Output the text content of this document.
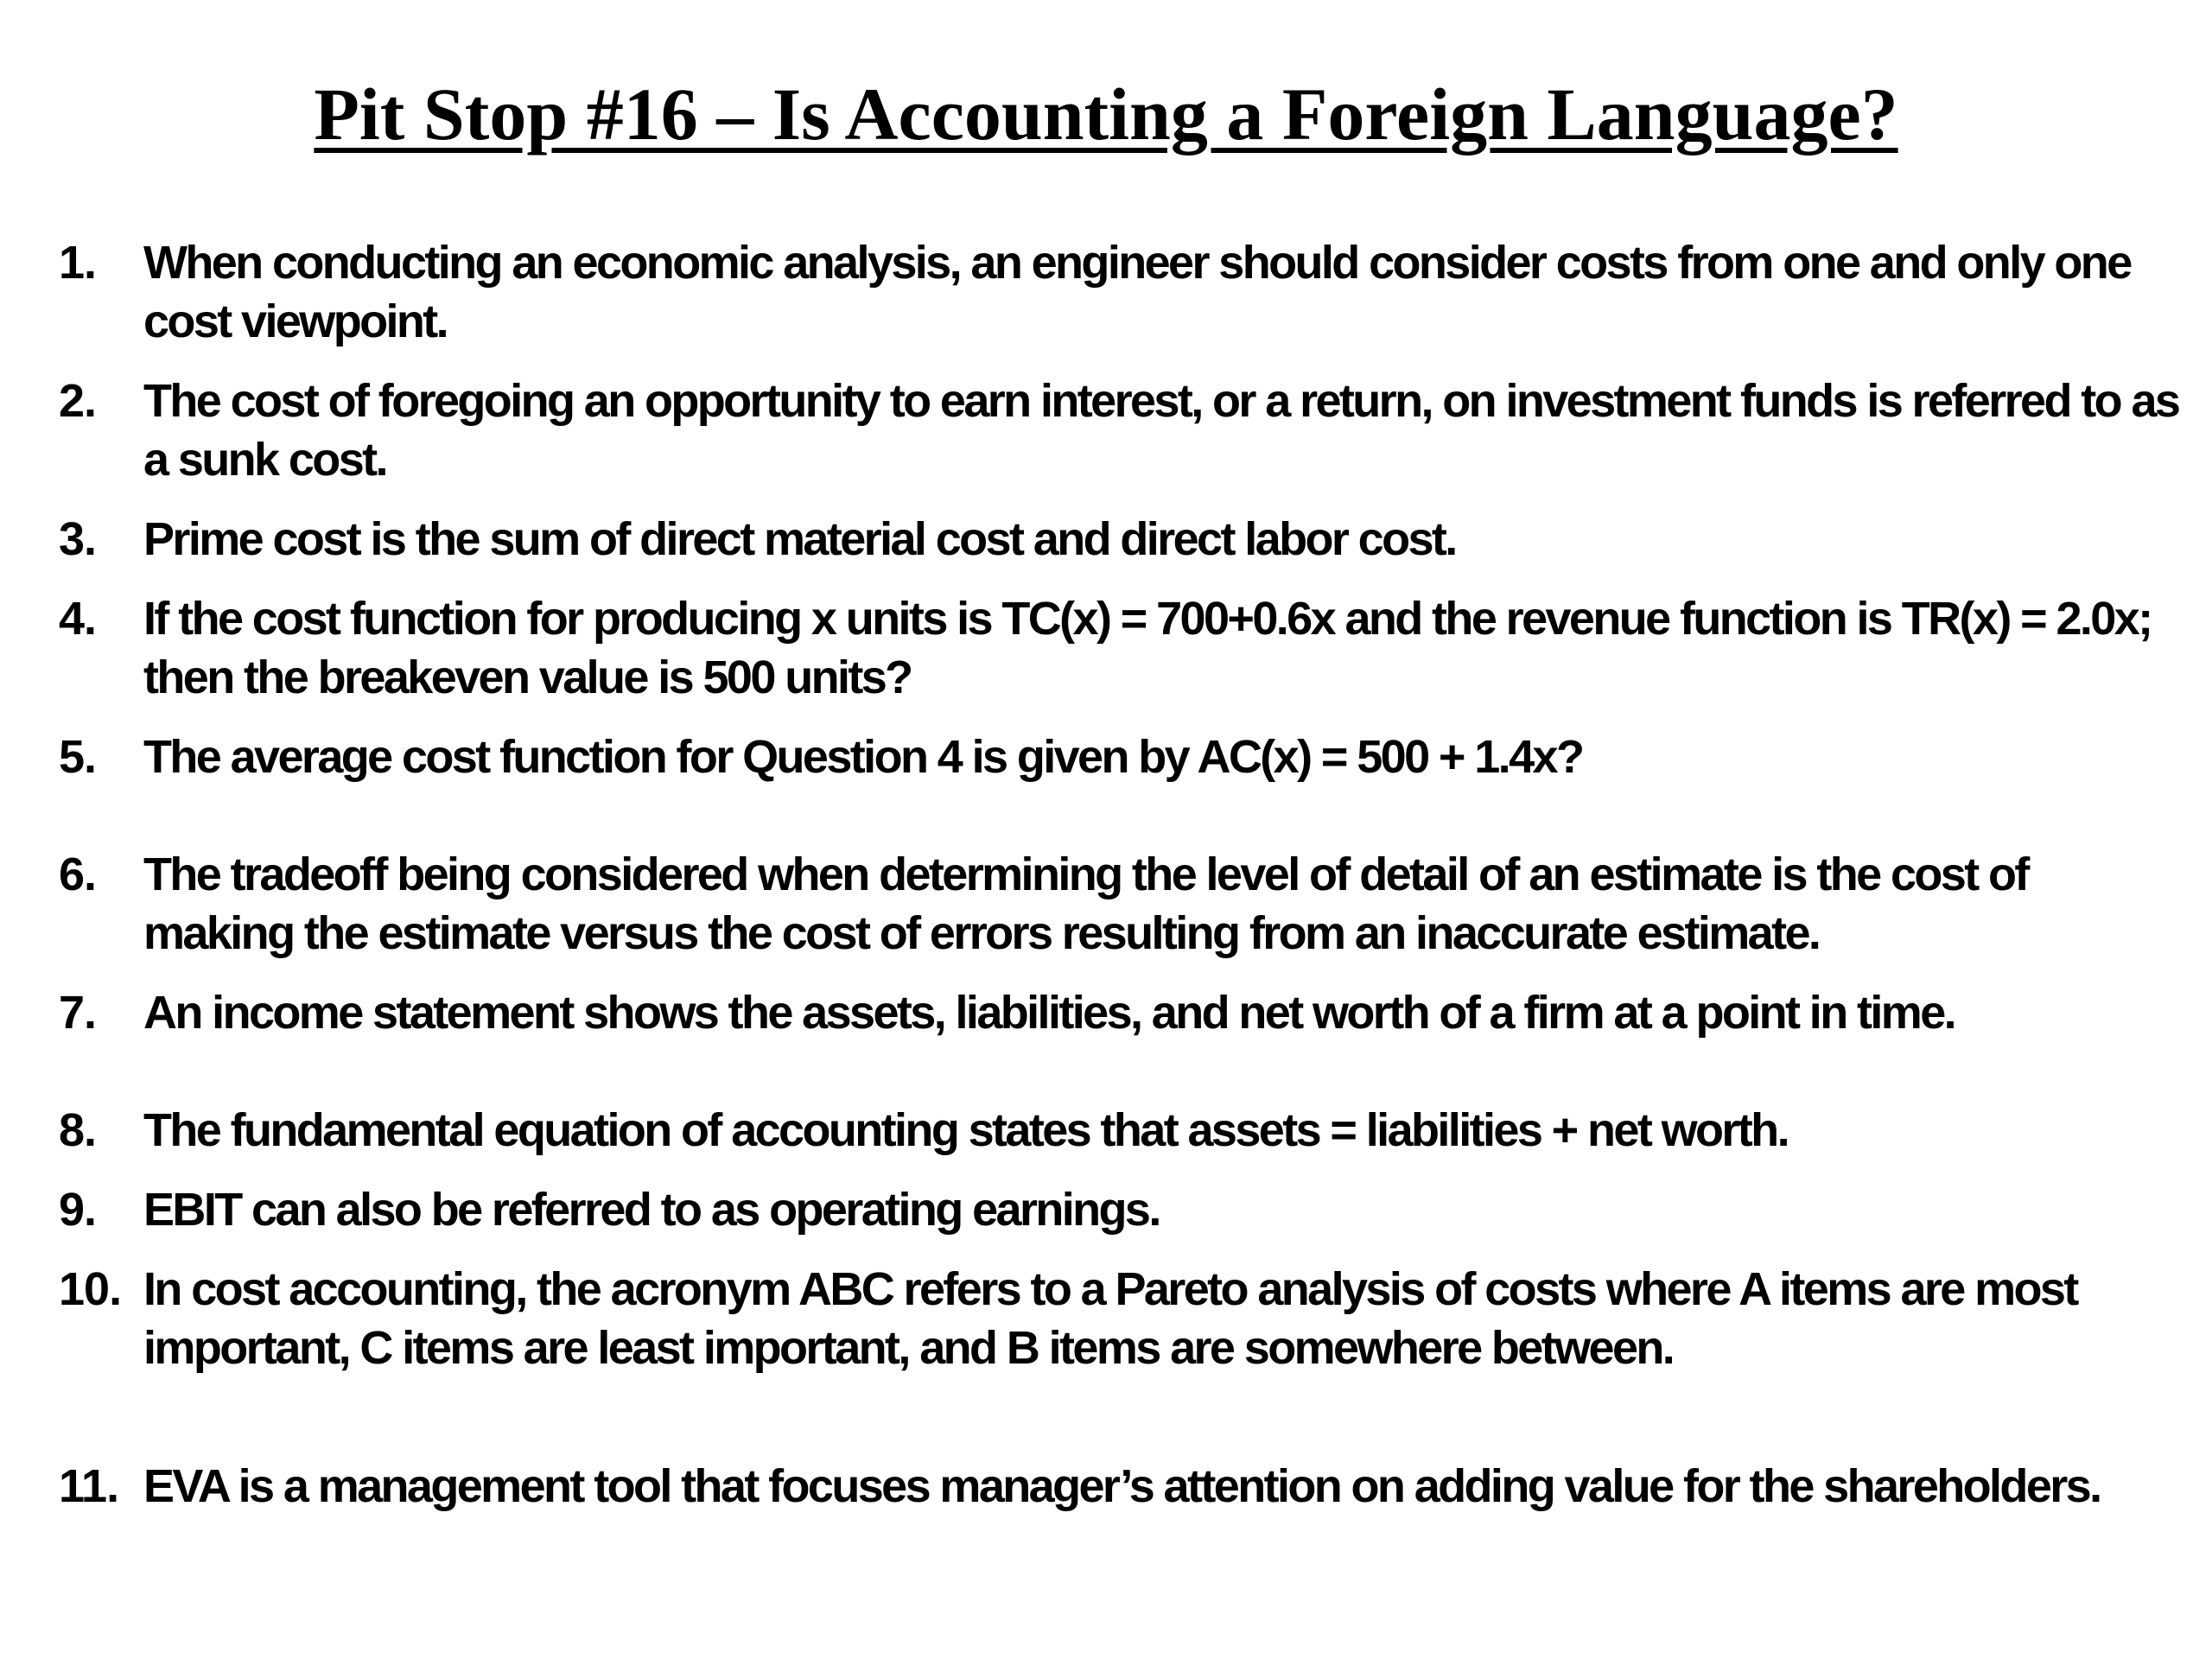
Pit Stop #16 – Is Accounting a Foreign Language?
1. When conducting an economic analysis, an engineer should consider costs from one and only one cost viewpoint.
2. The cost of foregoing an opportunity to earn interest, or a return, on investment funds is referred to as a sunk cost.
3. Prime cost is the sum of direct material cost and direct labor cost.
4. If the cost function for producing x units is TC(x) = 700+0.6x and the revenue function is TR(x) = 2.0x; then the breakeven value is 500 units?
5. The average cost function for Question 4 is given by AC(x) = 500 + 1.4x?
6. The tradeoff being considered when determining the level of detail of an estimate is the cost of making the estimate versus the cost of errors resulting from an inaccurate estimate.
7. An income statement shows the assets, liabilities, and net worth of a firm at a point in time.
8. The fundamental equation of accounting states that assets = liabilities + net worth.
9. EBIT can also be referred to as operating earnings.
10. In cost accounting, the acronym ABC refers to a Pareto analysis of costs where A items are most important, C items are least important, and B items are somewhere between.
11. EVA is a management tool that focuses manager’s attention on adding value for the shareholders.
